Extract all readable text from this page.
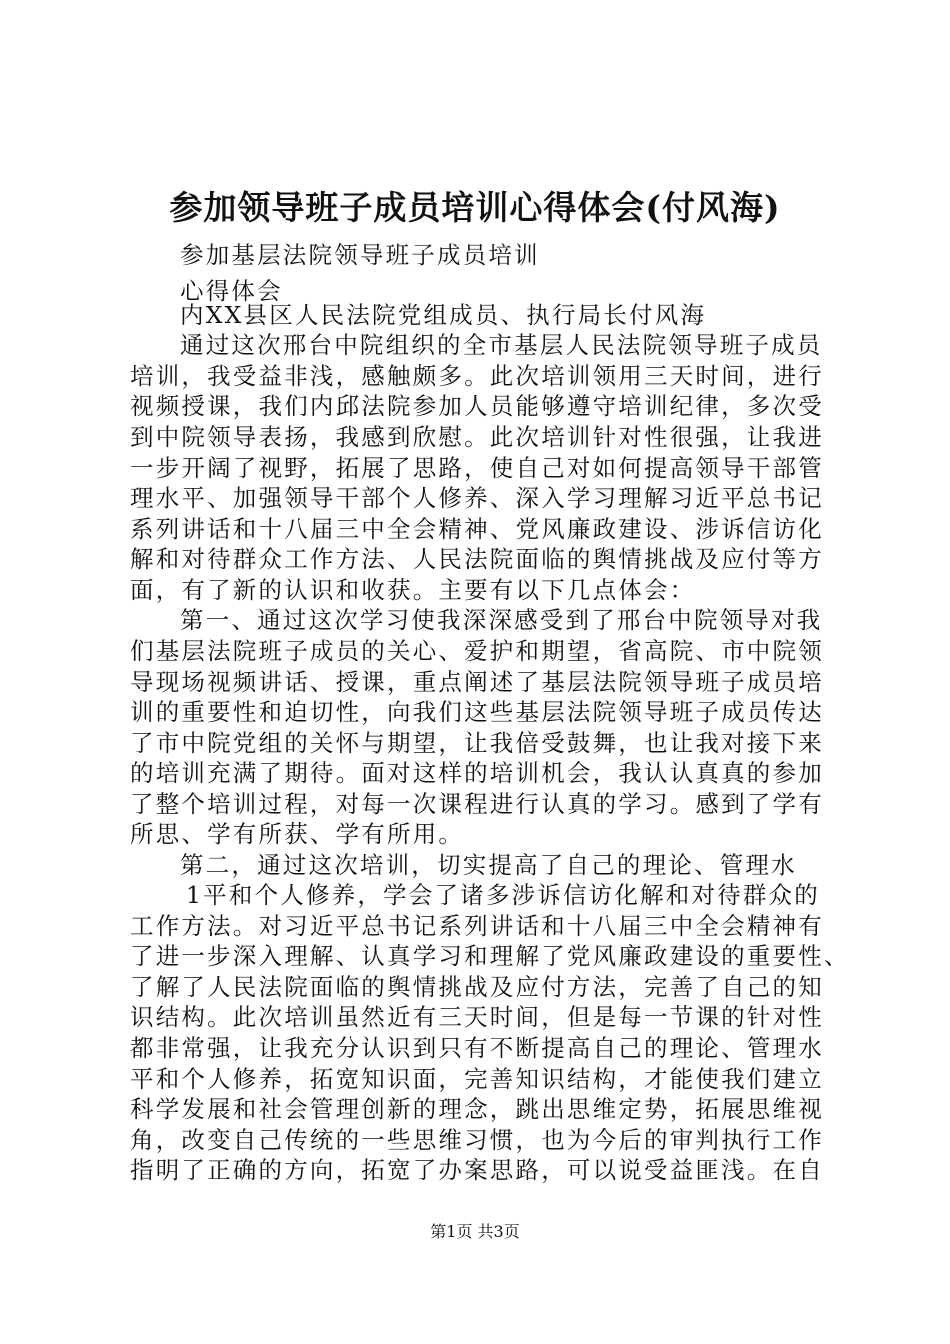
参加领导班子成员培训心得体会(付风海)
参加基层法院领导班子成员培训
心得体会
内XX县区人民法院党组成员、执行局长付风海
通过这次邢台中院组织的全市基层人民法院领导班子成员
培训，我受益非浅，感触颇多。此次培训领用三天时间，进行
视频授课，我们内邱法院参加人员能够遵守培训纪律，多次受
到中院领导表扬，我感到欣慰。此次培训针对性很强，让我进
一步开阔了视野，拓展了思路，使自己对如何提高领导干部管
理水平、加强领导干部个人修养、深入学习理解习近平总书记
系列讲话和十八届三中全会精神、党风廉政建设、涉诉信访化
解和对待群众工作方法、人民法院面临的舆情挑战及应付等方
面，有了新的认识和收获。主要有以下几点体会：
第一、通过这次学习使我深深感受到了邢台中院领导对我
们基层法院班子成员的关心、爱护和期望，省高院、市中院领
导现场视频讲话、授课，重点阐述了基层法院领导班子成员培
训的重要性和迫切性，向我们这些基层法院领导班子成员传达
了市中院党组的关怀与期望，让我倍受鼓舞，也让我对接下来
的培训充满了期待。面对这样的培训机会，我认认真真的参加
了整个培训过程，对每一次课程进行认真的学习。感到了学有
所思、学有所获、学有所用。
第二，通过这次培训，切实提高了自己的理论、管理水
1平和个人修养，学会了诸多涉诉信访化解和对待群众的
工作方法。对习近平总书记系列讲话和十八届三中全会精神有
了进一步深入理解、认真学习和理解了党风廉政建设的重要性、
了解了人民法院面临的舆情挑战及应付方法，完善了自己的知
识结构。此次培训虽然近有三天时间，但是每一节课的针对性
都非常强，让我充分认识到只有不断提高自己的理论、管理水
平和个人修养，拓宽知识面，完善知识结构，才能使我们建立
科学发展和社会管理创新的理念，跳出思维定势，拓展思维视
角，改变自己传统的一些思维习惯，也为今后的审判执行工作
指明了正确的方向，拓宽了办案思路，可以说受益匪浅。在自
第1页 共3页
